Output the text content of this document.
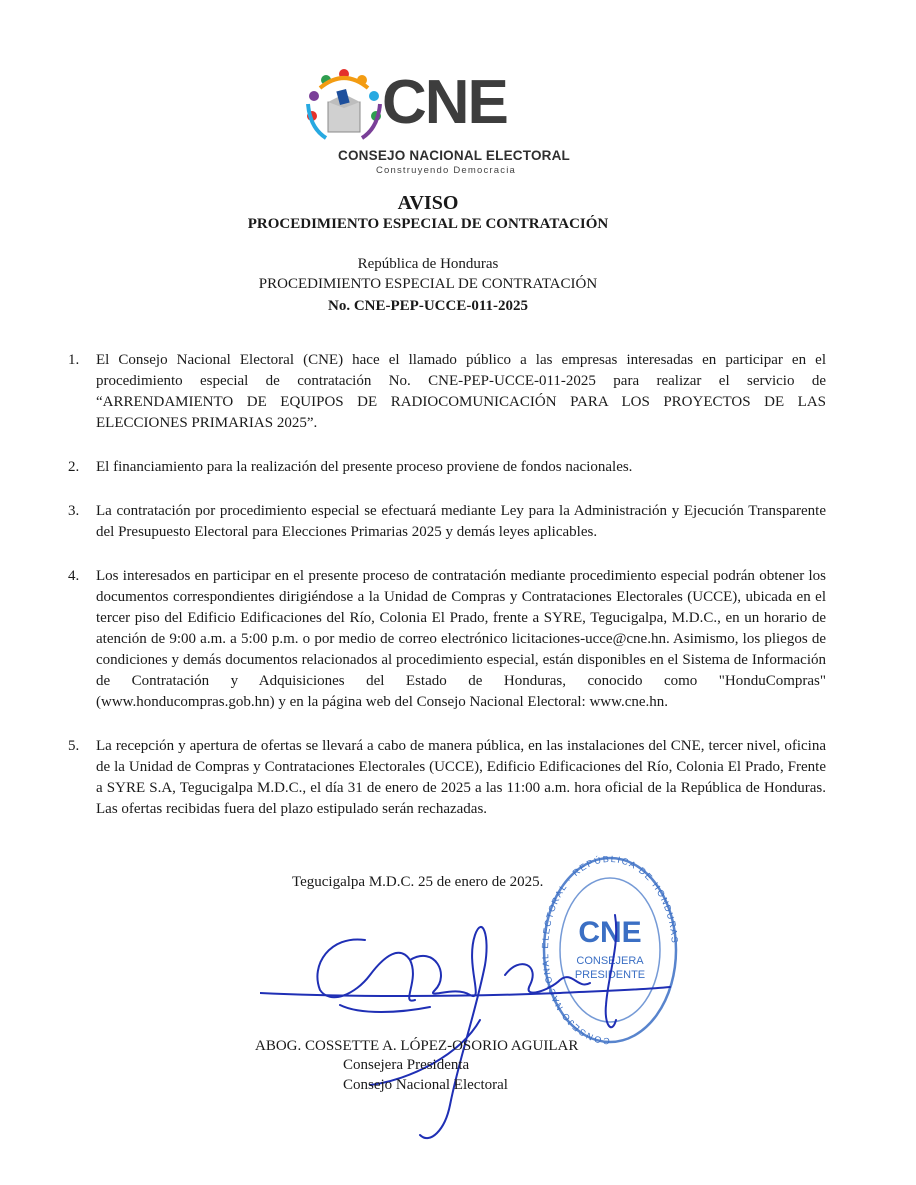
CNE
CONSEJO NACIONAL ELECTORAL
Construyendo Democracia
AVISO
PROCEDIMIENTO ESPECIAL DE CONTRATACIÓN
República de Honduras
PROCEDIMIENTO ESPECIAL DE CONTRATACIÓN
No. CNE-PEP-UCCE-011-2025
1. El Consejo Nacional Electoral (CNE) hace el llamado público a las empresas interesadas en participar en el procedimiento especial de contratación No. CNE-PEP-UCCE-011-2025 para realizar el servicio de “ARRENDAMIENTO DE EQUIPOS DE RADIOCOMUNICACIÓN PARA LOS PROYECTOS DE LAS ELECCIONES PRIMARIAS 2025”.
2. El financiamiento para la realización del presente proceso proviene de fondos nacionales.
3. La contratación por procedimiento especial se efectuará mediante Ley para la Administración y Ejecución Transparente del Presupuesto Electoral para Elecciones Primarias 2025 y demás leyes aplicables.
4. Los interesados en participar en el presente proceso de contratación mediante procedimiento especial podrán obtener los documentos correspondientes dirigiéndose a la Unidad de Compras y Contrataciones Electorales (UCCE), ubicada en el tercer piso del Edificio Edificaciones del Río, Colonia El Prado, frente a SYRE, Tegucigalpa, M.D.C., en un horario de atención de 9:00 a.m. a 5:00 p.m. o por medio de correo electrónico licitaciones-ucce@cne.hn. Asimismo, los pliegos de condiciones y demás documentos relacionados al procedimiento especial, están disponibles en el Sistema de Información de Contratación y Adquisiciones del Estado de Honduras, conocido como "HonduCompras" (www.honducompras.gob.hn) y en la página web del Consejo Nacional Electoral: www.cne.hn.
5. La recepción y apertura de ofertas se llevará a cabo de manera pública, en las instalaciones del CNE, tercer nivel, oficina de la Unidad de Compras y Contrataciones Electorales (UCCE), Edificio Edificaciones del Río, Colonia El Prado, Frente a SYRE S.A, Tegucigalpa M.D.C., el día 31 de enero de 2025 a las 11:00 a.m. hora oficial de la República de Honduras. Las ofertas recibidas fuera del plazo estipulado serán rechazadas.
Tegucigalpa M.D.C. 25 de enero de 2025.
CONSEJO NACIONAL ELECTORAL · REPÚBLICA DE HONDURAS
CNE
CONSEJERA
PRESIDENTE
ABOG. COSSETTE A. LÓPEZ-OSORIO AGUILAR
Consejera Presidenta
Consejo Nacional Electoral
